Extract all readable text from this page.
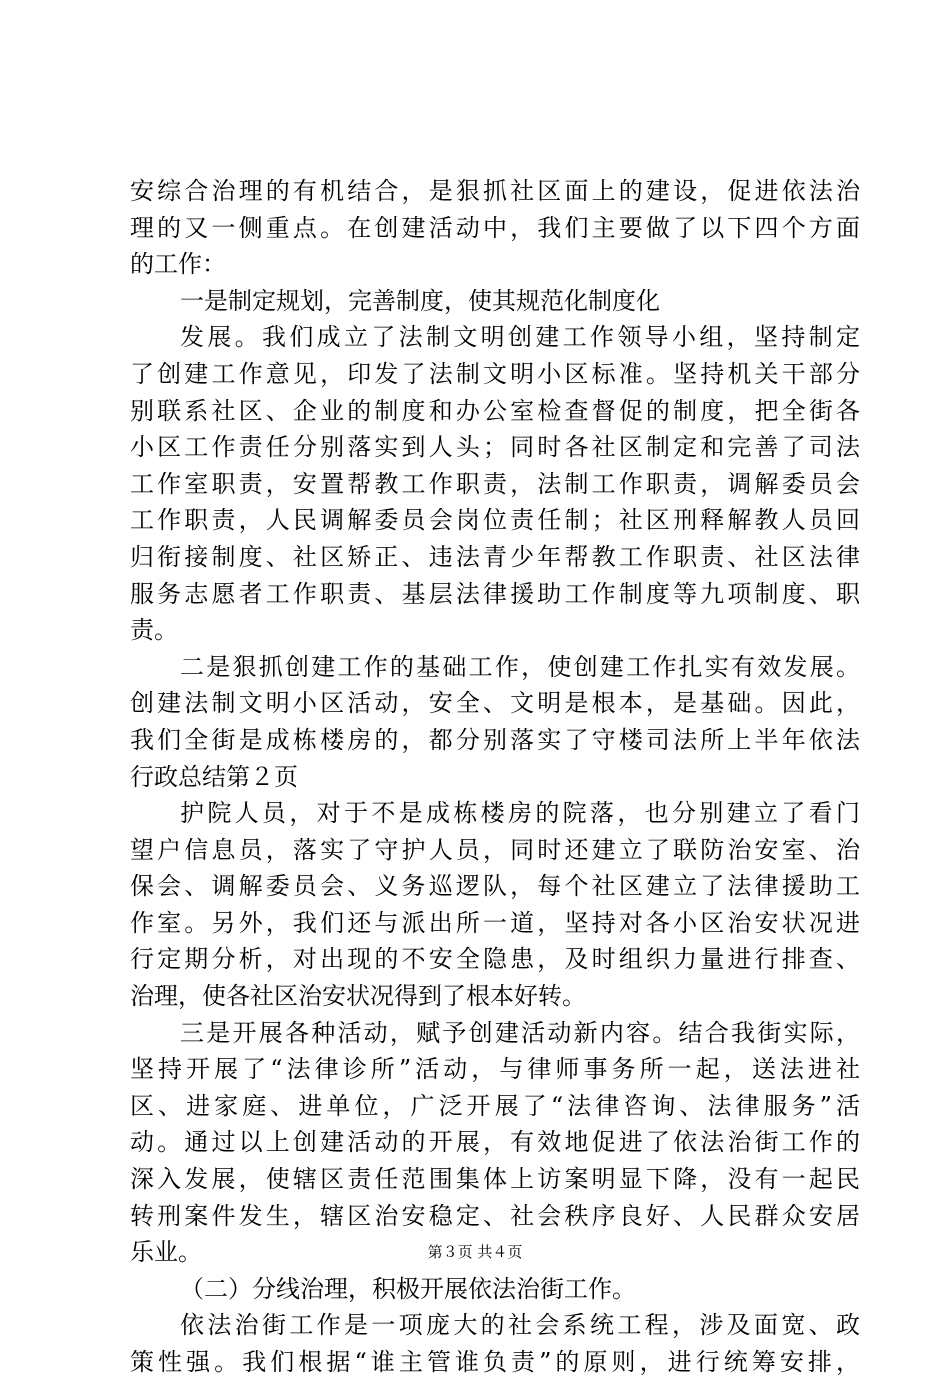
安综合治理的有机结合，是狠抓社区面上的建设，促进依法治
理的又一侧重点。在创建活动中，我们主要做了以下四个方面
的工作：
一是制定规划，完善制度，使其规范化制度化
发展。我们成立了法制文明创建工作领导小组，坚持制定
了创建工作意见，印发了法制文明小区标准。坚持机关干部分
别联系社区、企业的制度和办公室检查督促的制度，把全街各
小区工作责任分别落实到人头；同时各社区制定和完善了司法
工作室职责，安置帮教工作职责，法制工作职责，调解委员会
工作职责，人民调解委员会岗位责任制；社区刑释解教人员回
归衔接制度、社区矫正、违法青少年帮教工作职责、社区法律
服务志愿者工作职责、基层法律援助工作制度等九项制度、职
责。
二是狠抓创建工作的基础工作，使创建工作扎实有效发展。
创建法制文明小区活动，安全、文明是根本，是基础。因此，
我们全街是成栋楼房的，都分别落实了守楼司法所上半年依法
行政总结第２页
护院人员，对于不是成栋楼房的院落，也分别建立了看门
望户信息员，落实了守护人员，同时还建立了联防治安室、治
保会、调解委员会、义务巡逻队，每个社区建立了法律援助工
作室。另外，我们还与派出所一道，坚持对各小区治安状况进
行定期分析，对出现的不安全隐患，及时组织力量进行排查、
治理，使各社区治安状况得到了根本好转。
三是开展各种活动，赋予创建活动新内容。结合我街实际，
坚持开展了“法律诊所”活动，与律师事务所一起，送法进社
区、进家庭、进单位，广泛开展了“法律咨询、法律服务”活
动。通过以上创建活动的开展，有效地促进了依法治街工作的
深入发展，使辖区责任范围集体上访案明显下降，没有一起民
转刑案件发生，辖区治安稳定、社会秩序良好、人民群众安居
乐业。
（二）分线治理，积极开展依法治街工作。
依法治街工作是一项庞大的社会系统工程，涉及面宽、政
策性强。我们根据“谁主管谁负责”的原则，进行统筹安排，
第３页 共４页
